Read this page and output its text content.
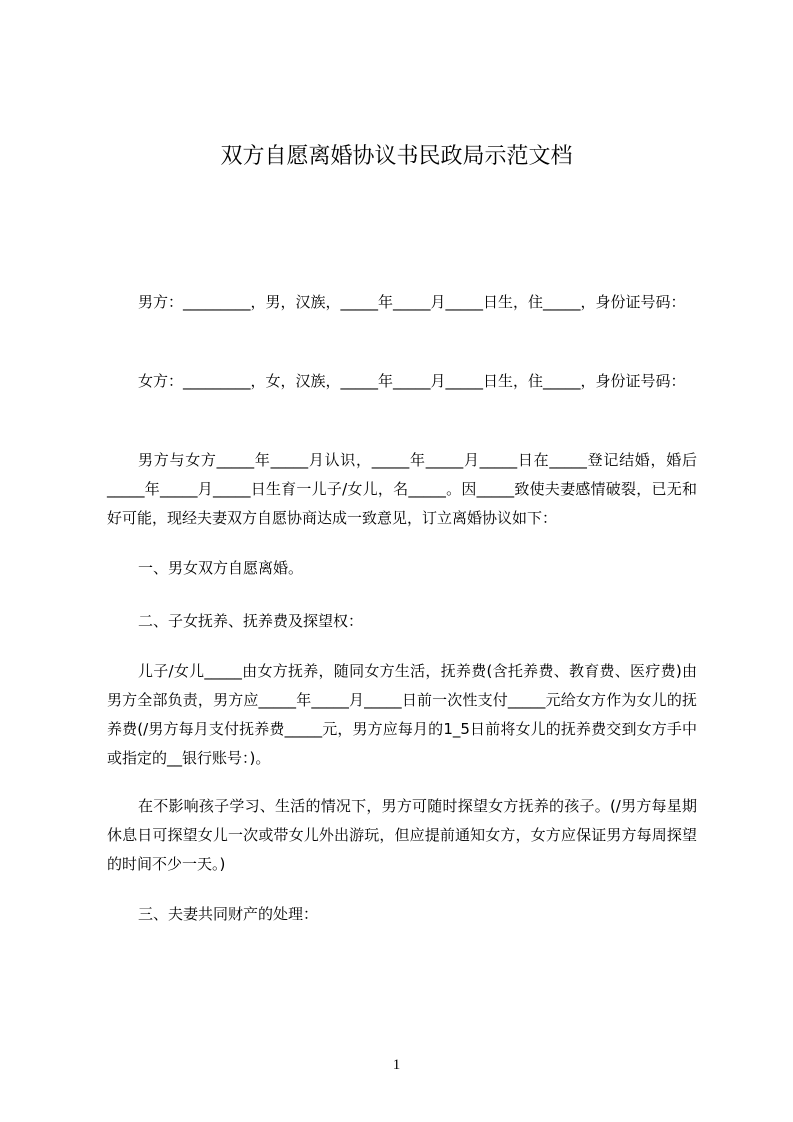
双方自愿离婚协议书民政局示范文档

男方：_________，男，汉族，_____年_____月_____日生，住_____，身份证号码：

女方：_________，女，汉族，_____年_____月_____日生，住_____，身份证号码：

男方与女方_____年_____月认识，_____年_____月_____日在_____登记结婚，婚后_____年_____月_____日生育一儿子/女儿，名_____。因_____致使夫妻感情破裂，已无和好可能，现经夫妻双方自愿协商达成一致意见，订立离婚协议如下：

一、男女双方自愿离婚。

二、子女抚养、抚养费及探望权：

儿子/女儿_____由女方抚养，随同女方生活，抚养费(含托养费、教育费、医疗费)由男方全部负责，男方应_____年_____月_____日前一次性支付_____元给女方作为女儿的抚养费(/男方每月支付抚养费_____元，男方应每月的1_5日前将女儿的抚养费交到女方手中或指定的__银行账号：)。

在不影响孩子学习、生活的情况下，男方可随时探望女方抚养的孩子。(/男方每星期休息日可探望女儿一次或带女儿外出游玩，但应提前通知女方，女方应保证男方每周探望的时间不少一天。)

三、夫妻共同财产的处理：

1
